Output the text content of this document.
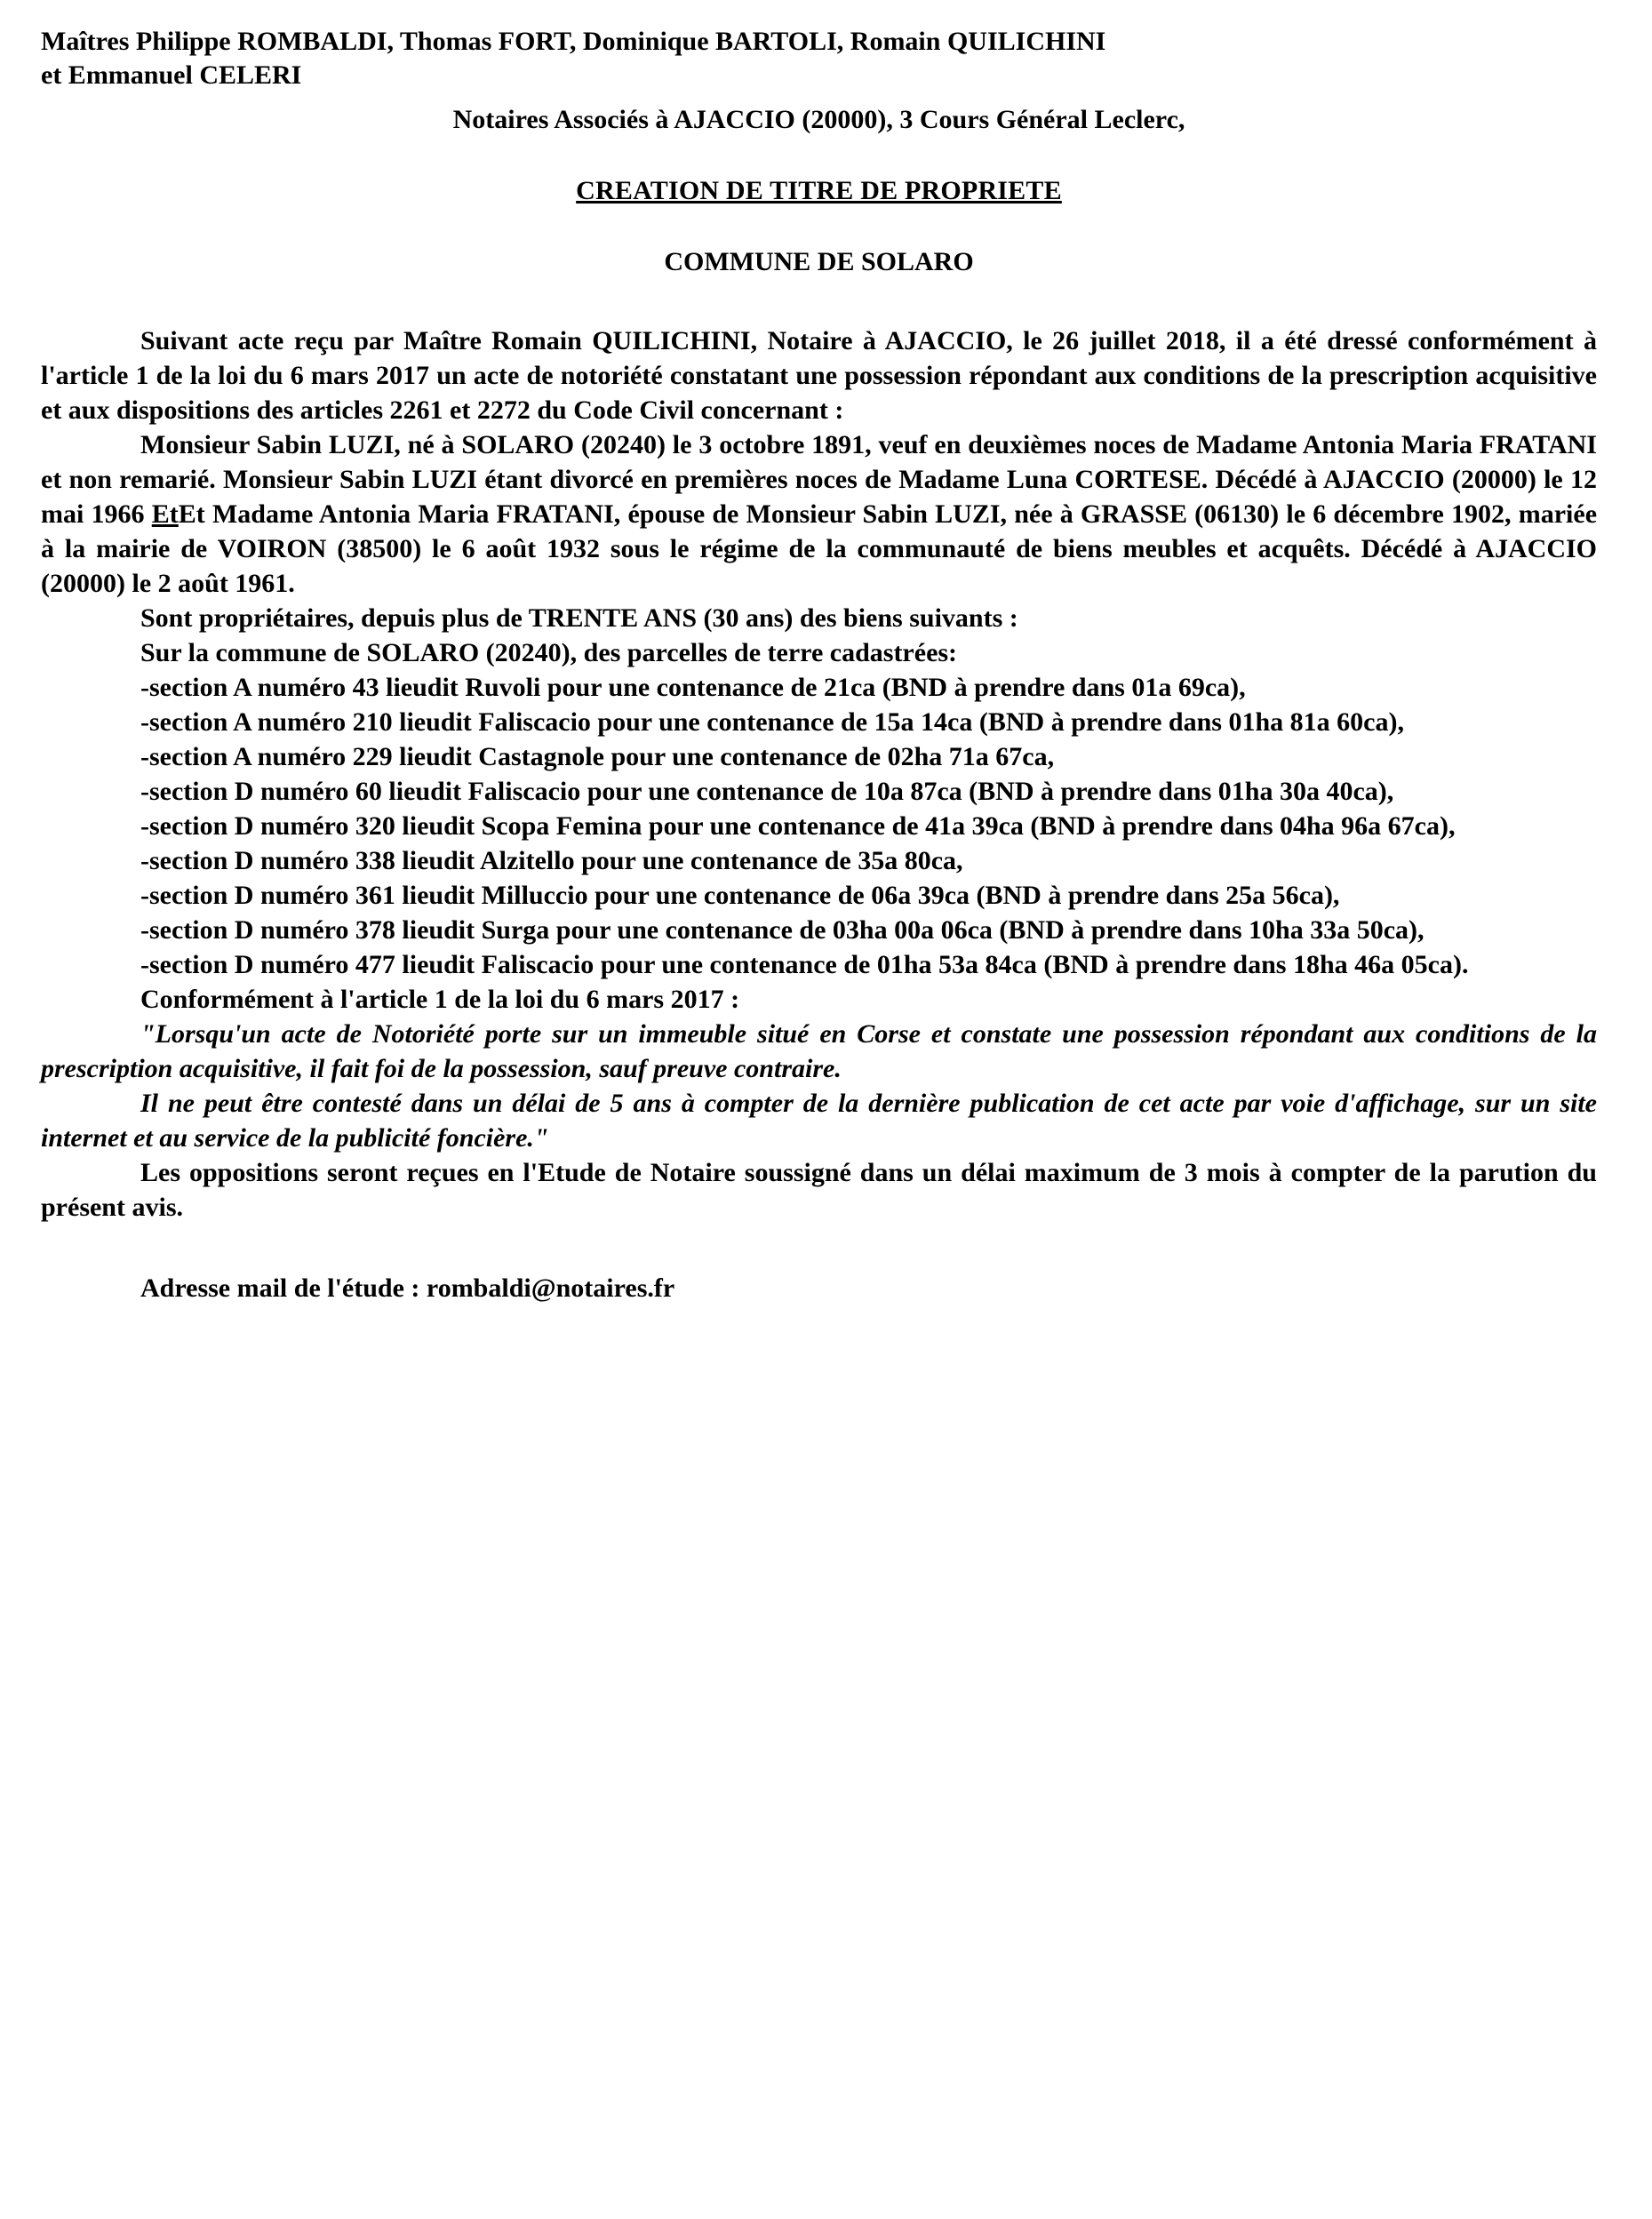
Maîtres Philippe ROMBALDI, Thomas FORT, Dominique BARTOLI, Romain QUILICHINI

et Emmanuel CELERI

Notaires Associés à AJACCIO (20000), 3 Cours Général Leclerc,

CREATION DE TITRE DE PROPRIETE
COMMUNE DE SOLARO

Suivant acte reçu par Maître Romain QUILICHINI, Notaire à AJACCIO, le 26 juillet 2018, il a été dressé conformément à l'article 1 de la loi du 6 mars 2017 un acte de notoriété constatant une possession répondant aux conditions de la prescription acquisitive et aux dispositions des articles 2261 et 2272 du Code Civil concernant :

Monsieur Sabin LUZI, né à SOLARO (20240) le 3 octobre 1891, veuf en deuxièmes noces de Madame Antonia Maria FRATANI et non remarié. Monsieur Sabin LUZI étant divorcé en premières noces de Madame Luna CORTESE. Décédé à AJACCIO (20000) le 12 mai 1966 EtEt Madame Antonia Maria FRATANI, épouse de Monsieur Sabin LUZI, née à GRASSE (06130) le 6 décembre 1902, mariée à la mairie de VOIRON (38500) le 6 août 1932 sous le régime de la communauté de biens meubles et acquêts. Décédé à AJACCIO (20000) le 2 août 1961.

Sont propriétaires, depuis plus de TRENTE ANS (30 ans) des biens suivants :

Sur la commune de SOLARO (20240), des parcelles de terre cadastrées:

-section A numéro 43 lieudit Ruvoli pour une contenance de 21ca (BND à prendre dans 01a 69ca),

-section A numéro 210 lieudit Faliscacio pour une contenance de 15a 14ca (BND à prendre dans 01ha 81a 60ca),

-section A numéro 229 lieudit Castagnole pour une contenance de 02ha 71a 67ca,

-section D numéro 60 lieudit Faliscacio pour une contenance de 10a 87ca (BND à prendre dans 01ha 30a 40ca),

-section D numéro 320 lieudit Scopa Femina pour une contenance de 41a 39ca (BND à prendre dans 04ha 96a 67ca),

-section D numéro 338 lieudit Alzitello pour une contenance de 35a 80ca,

-section D numéro 361 lieudit Milluccio pour une contenance de 06a 39ca (BND à prendre dans 25a 56ca),

-section D numéro 378 lieudit Surga pour une contenance de 03ha 00a 06ca (BND à prendre dans 10ha 33a 50ca),

-section D numéro 477 lieudit Faliscacio pour une contenance de 01ha 53a 84ca (BND à prendre dans 18ha 46a 05ca).

Conformément à l'article 1 de la loi du 6 mars 2017 :

"Lorsqu'un acte de Notoriété porte sur un immeuble situé en Corse et constate une possession répondant aux conditions de la prescription acquisitive, il fait foi de la possession, sauf preuve contraire.

Il ne peut être contesté dans un délai de 5 ans à compter de la dernière publication de cet acte par voie d'affichage, sur un site internet et au service de la publicité foncière."

Les oppositions seront reçues en l'Etude de Notaire soussigné dans un délai maximum de 3 mois à compter de la parution du présent avis.

Adresse mail de l'étude : rombaldi@notaires.fr
